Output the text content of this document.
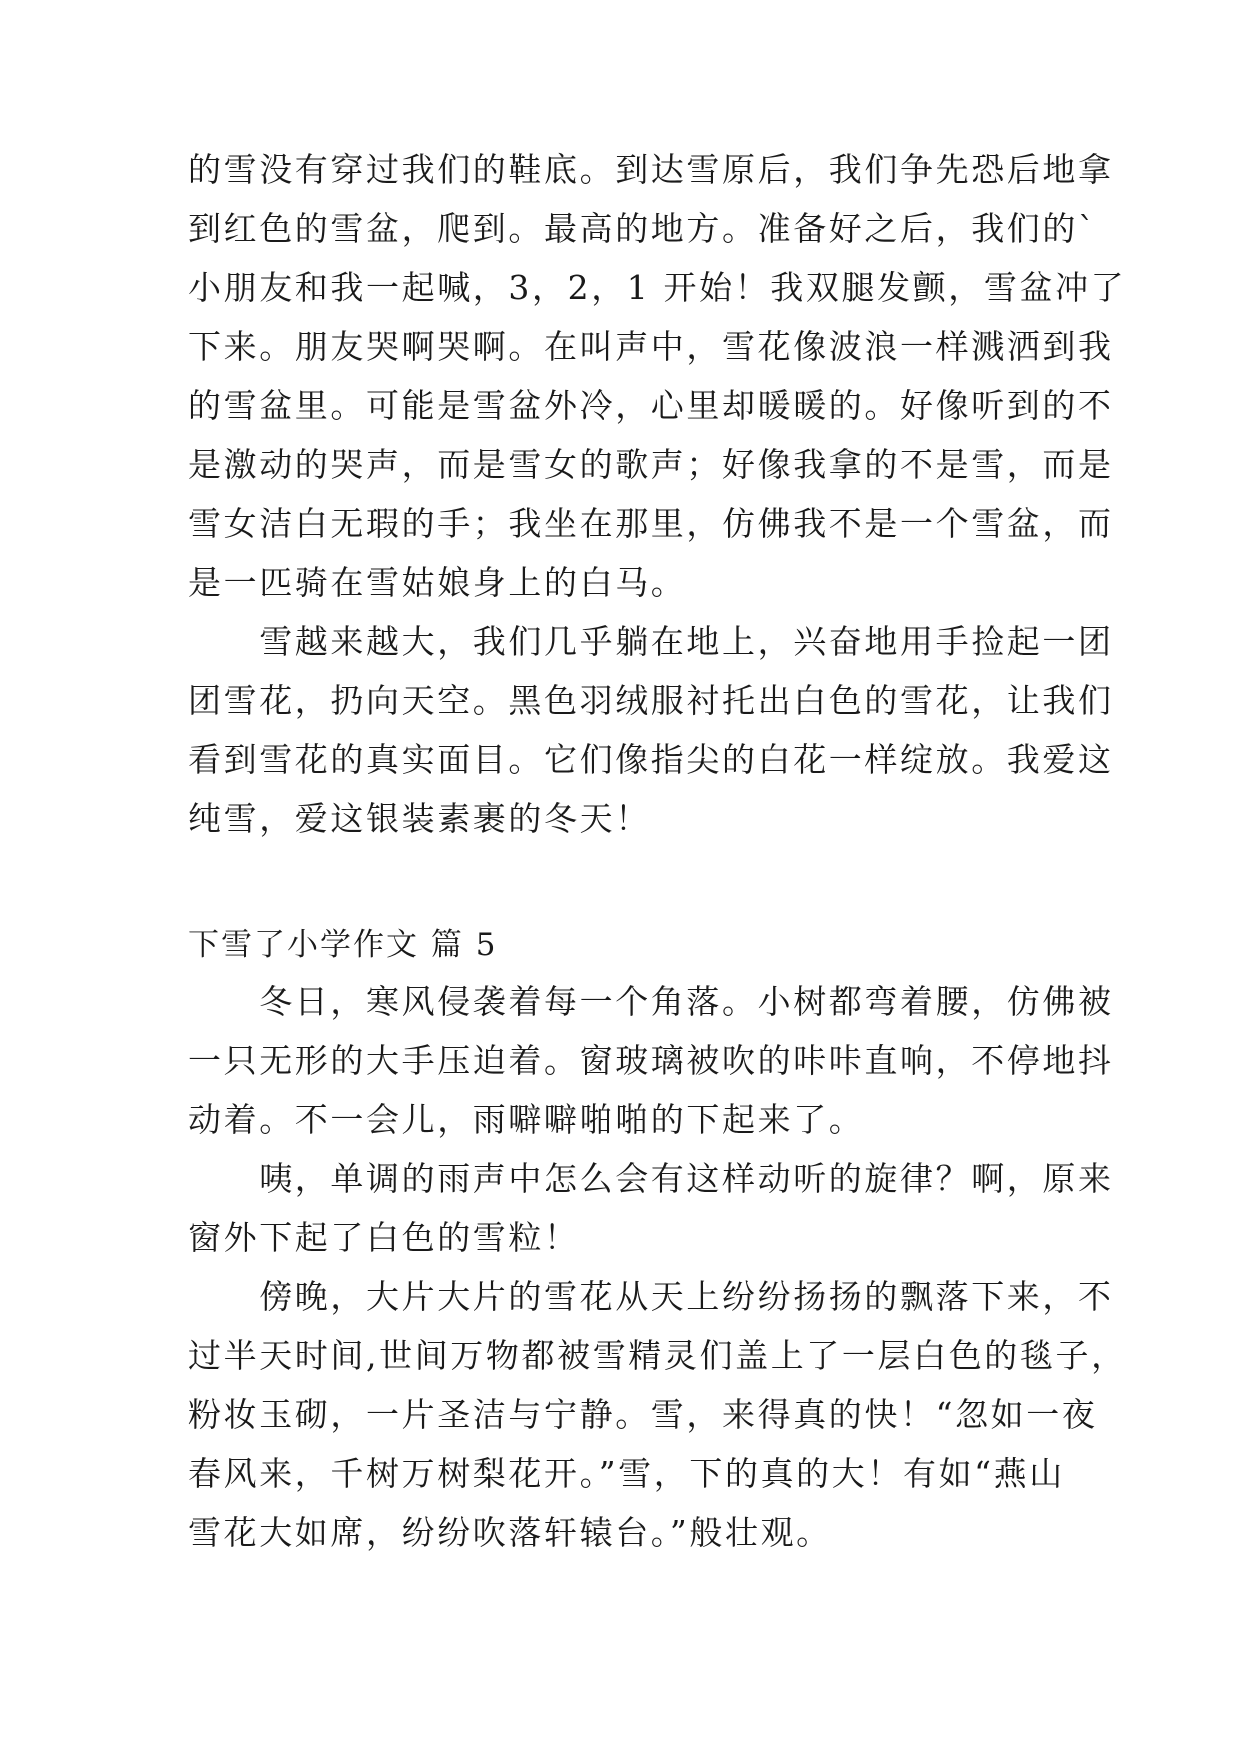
的雪没有穿过我们的鞋底。到达雪原后，我们争先恐后地拿
到红色的雪盆，爬到。最高的地方。准备好之后，我们的`
小朋友和我一起喊，3，2，1 开始！我双腿发颤，雪盆冲了
下来。朋友哭啊哭啊。在叫声中，雪花像波浪一样溅洒到我
的雪盆里。可能是雪盆外冷，心里却暖暖的。好像听到的不
是激动的哭声，而是雪女的歌声；好像我拿的不是雪，而是
雪女洁白无瑕的手；我坐在那里，仿佛我不是一个雪盆，而
是一匹骑在雪姑娘身上的白马。
　　雪越来越大，我们几乎躺在地上，兴奋地用手捡起一团
团雪花，扔向天空。黑色羽绒服衬托出白色的雪花，让我们
看到雪花的真实面目。它们像指尖的白花一样绽放。我爱这
纯雪，爱这银装素裹的冬天！
下雪了小学作文 篇 5
　　冬日，寒风侵袭着每一个角落。小树都弯着腰，仿佛被
一只无形的大手压迫着。窗玻璃被吹的咔咔直响，不停地抖
动着。不一会儿，雨噼噼啪啪的下起来了。
　　咦，单调的雨声中怎么会有这样动听的旋律？啊，原来
窗外下起了白色的雪粒！
　　傍晚，大片大片的雪花从天上纷纷扬扬的飘落下来，不
过半天时间,世间万物都被雪精灵们盖上了一层白色的毯子，
粉妆玉砌，一片圣洁与宁静。雪，来得真的快！“忽如一夜
春风来，千树万树梨花开。”雪，下的真的大！有如“燕山
雪花大如席，纷纷吹落轩辕台。”般壮观。
